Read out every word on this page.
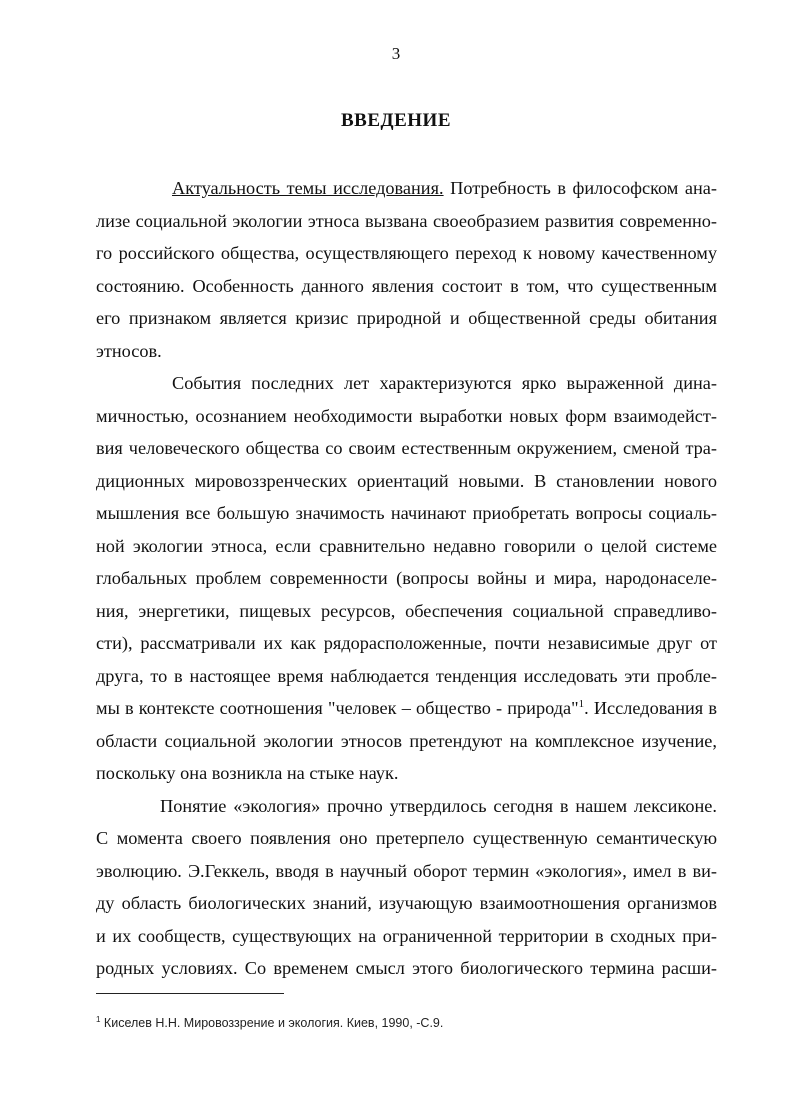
3
ВВЕДЕНИЕ

Актуальность темы исследования. Потребность в философском ана-
лизе социальной экологии этноса вызвана своеобразием развития современно-
го российского общества, осуществляющего переход к новому качественному
состоянию. Особенность данного явления состоит в том, что существенным
его признаком является кризис природной и общественной среды обитания
этносов.

События последних лет характеризуются ярко выраженной дина-
мичностью, осознанием необходимости выработки новых форм взаимодейст-
вия человеческого общества со своим естественным окружением, сменой тра-
диционных мировоззренческих ориентаций новыми. В становлении нового
мышления все большую значимость начинают приобретать вопросы социаль-
ной экологии этноса, если сравнительно недавно говорили о целой системе
глобальных проблем современности (вопросы войны и мира, народонаселе-
ния, энергетики, пищевых ресурсов, обеспечения социальной справедливо-
сти), рассматривали их как рядорасположенные, почти независимые друг от
друга, то в настоящее время наблюдается тенденция исследовать эти пробле-
мы в контексте соотношения "человек – общество - природа"$^1$. Исследования в
области социальной экологии этносов претендуют на комплексное изучение,
поскольку она возникла на стыке наук.

Понятие «экология» прочно утвердилось сегодня в нашем лексиконе.
С момента своего появления оно претерпело существенную семантическую
эволюцию. Э.Геккель, вводя в научный оборот термин «экология», имел в ви-
ду область биологических знаний, изучающую взаимоотношения организмов
и их сообществ, существующих на ограниченной территории в сходных при-
родных условиях. Со временем смысл этого биологического термина расши-

$^1$ Киселев Н.Н. Мировоззрение и экология. Киев, 1990, -С.9.
